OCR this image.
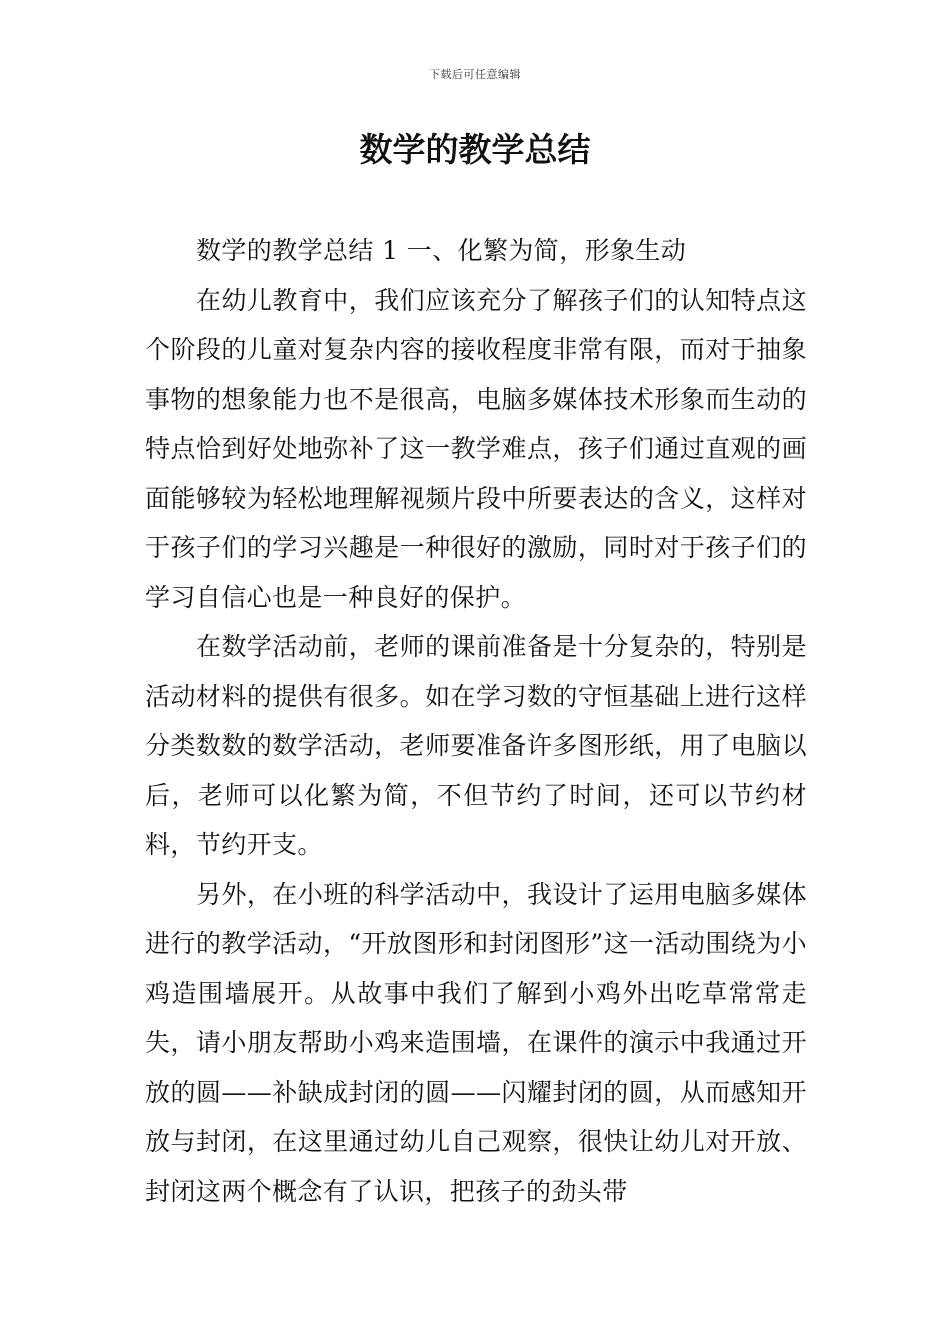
下载后可任意编辑
数学的教学总结

数学的教学总结 1 一、化繁为简，形象生动

在幼儿教育中，我们应该充分了解孩子们的认知特点这个阶段的儿童对复杂内容的接收程度非常有限，而对于抽象事物的想象能力也不是很高，电脑多媒体技术形象而生动的特点恰到好处地弥补了这一教学难点，孩子们通过直观的画面能够较为轻松地理解视频片段中所要表达的含义，这样对于孩子们的学习兴趣是一种很好的激励，同时对于孩子们的学习自信心也是一种良好的保护。

在数学活动前，老师的课前准备是十分复杂的，特别是活动材料的提供有很多。如在学习数的守恒基础上进行这样分类数数的数学活动，老师要准备许多图形纸，用了电脑以后，老师可以化繁为简，不但节约了时间，还可以节约材料，节约开支。

另外，在小班的科学活动中，我设计了运用电脑多媒体进行的教学活动，“开放图形和封闭图形”这一活动围绕为小鸡造围墙展开。从故事中我们了解到小鸡外出吃草常常走失，请小朋友帮助小鸡来造围墙，在课件的演示中我通过开放的圆——补缺成封闭的圆——闪耀封闭的圆，从而感知开放与封闭，在这里通过幼儿自己观察，很快让幼儿对开放、封闭这两个概念有了认识，把孩子的劲头带
